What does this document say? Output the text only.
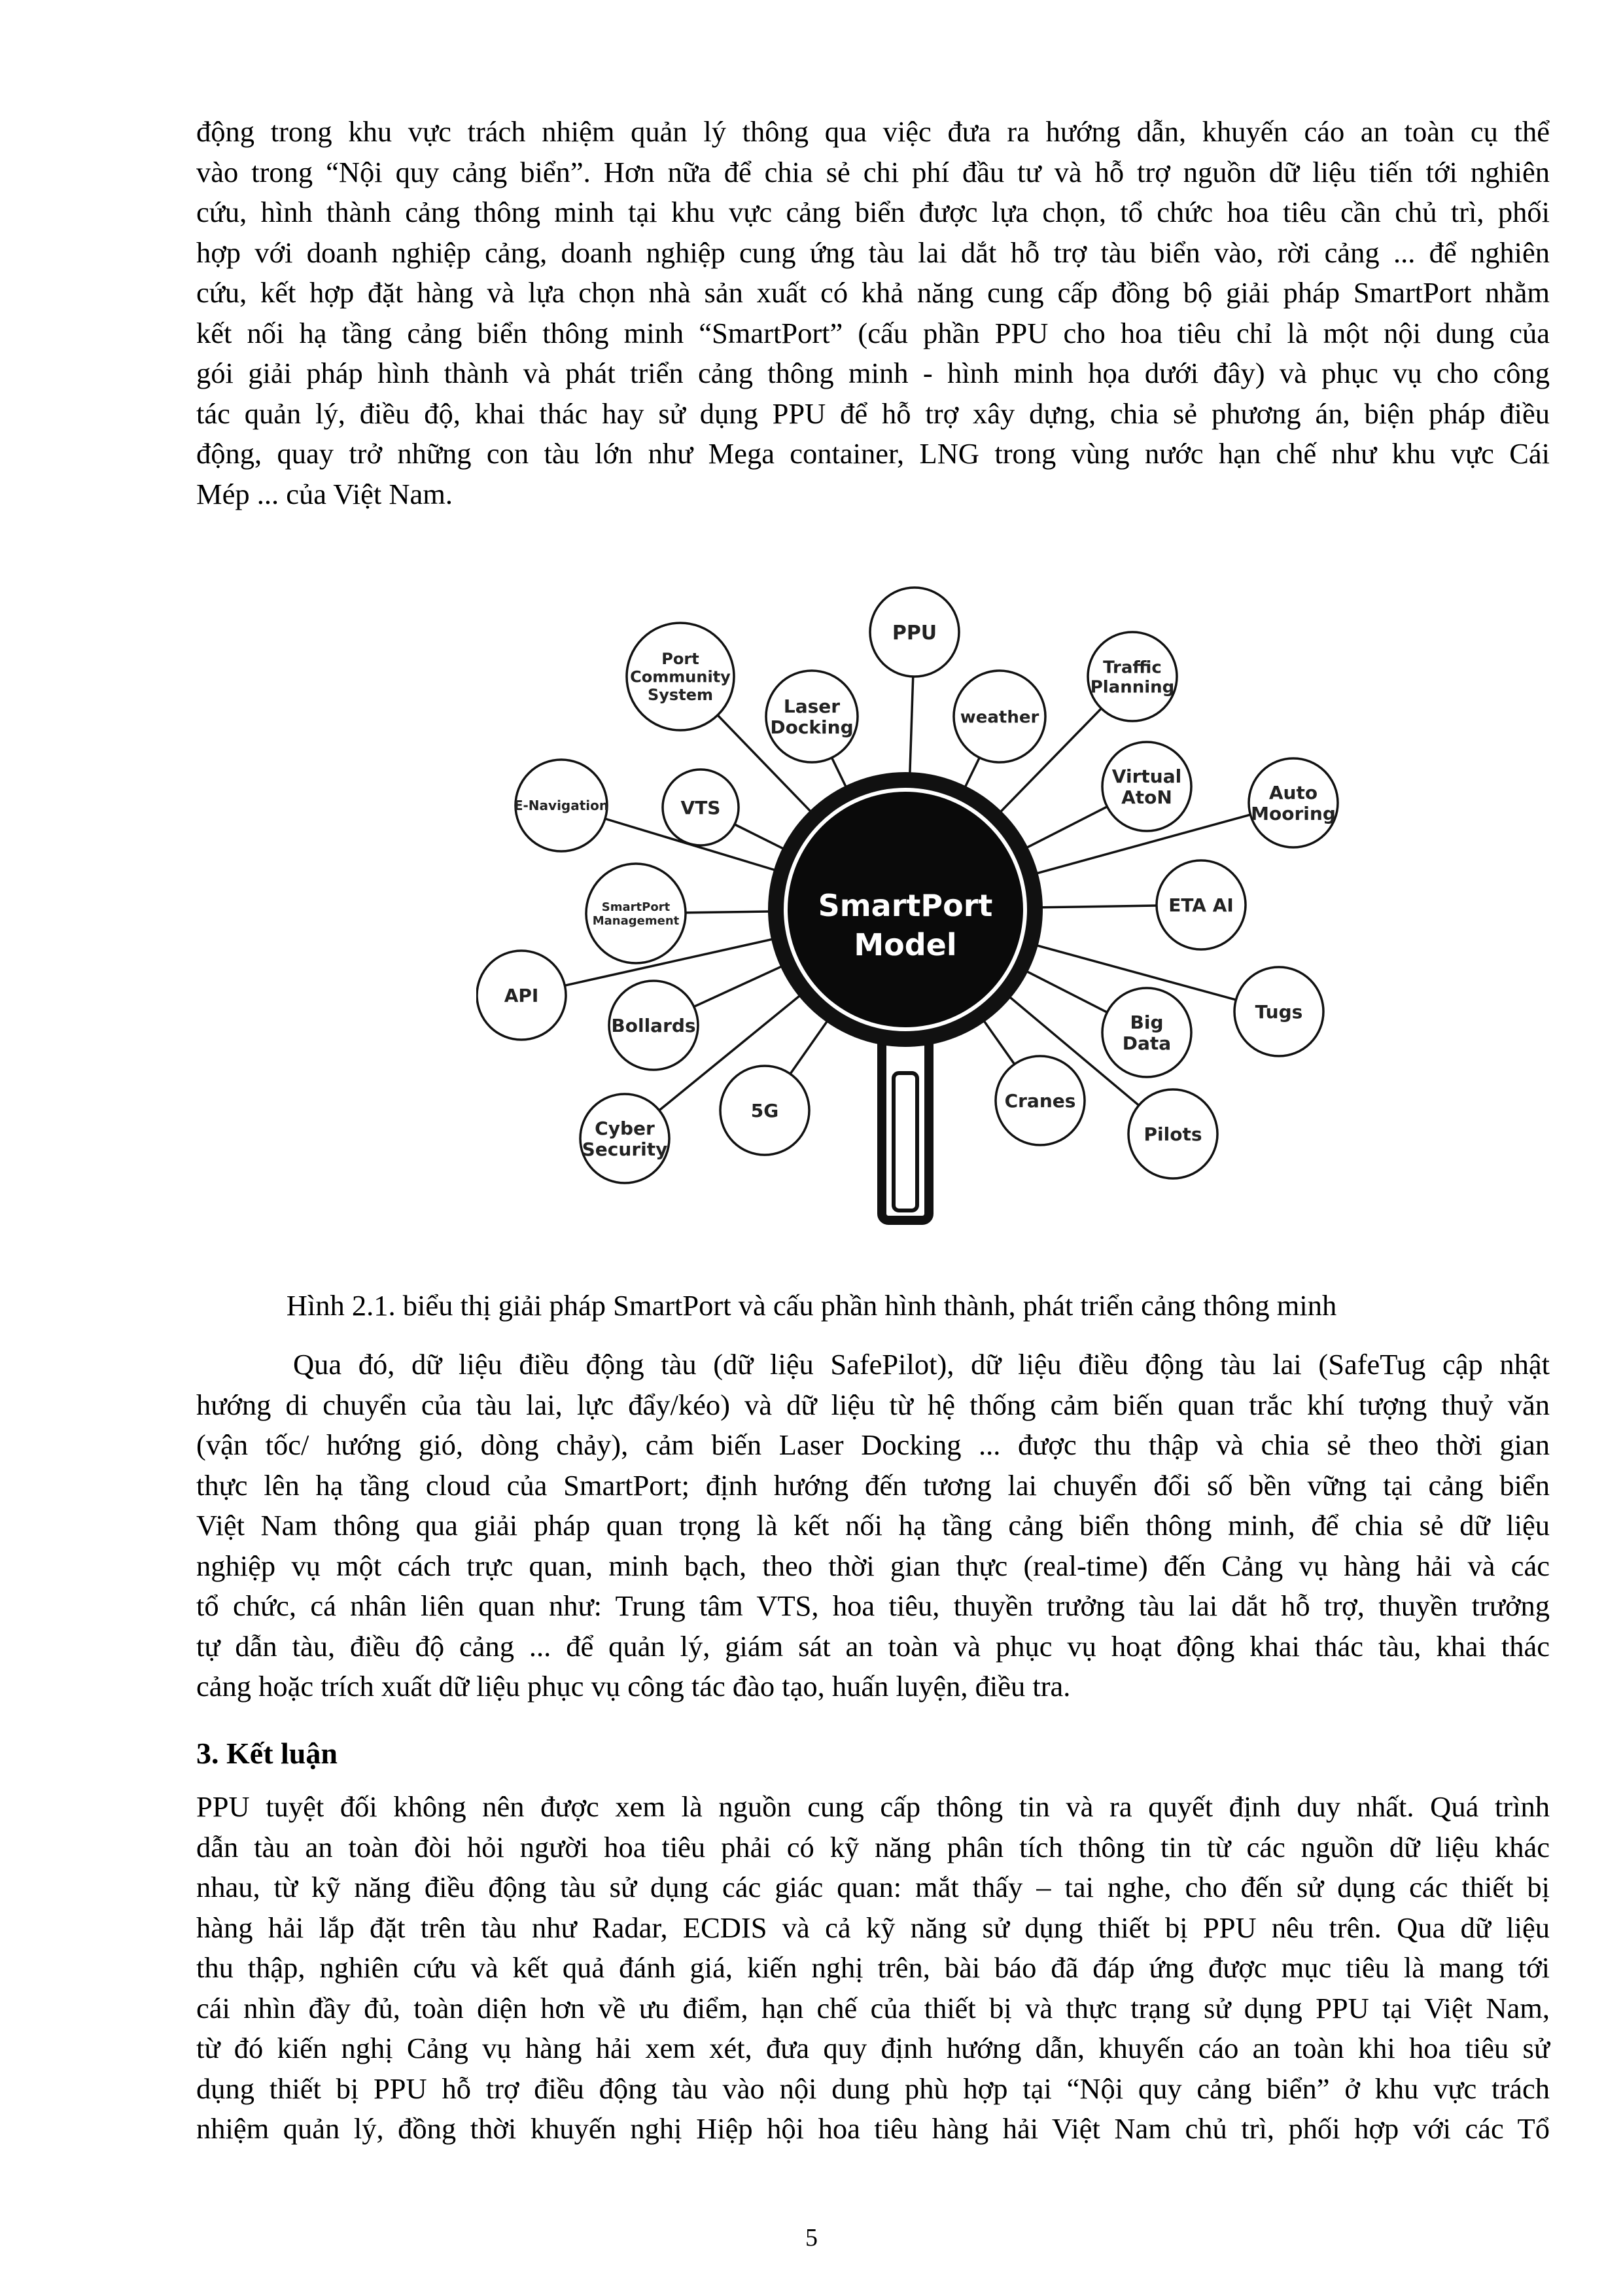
động trong khu vực trách nhiệm quản lý thông qua việc đưa ra hướng dẫn, khuyến cáo an toàn cụ thể
vào trong “Nội quy cảng biển”. Hơn nữa để chia sẻ chi phí đầu tư và hỗ trợ nguồn dữ liệu tiến tới nghiên
cứu, hình thành cảng thông minh tại khu vực cảng biển được lựa chọn, tổ chức hoa tiêu cần chủ trì, phối
hợp với doanh nghiệp cảng, doanh nghiệp cung ứng tàu lai dắt hỗ trợ tàu biển vào, rời cảng ... để nghiên
cứu, kết hợp đặt hàng và lựa chọn nhà sản xuất có khả năng cung cấp đồng bộ giải pháp SmartPort nhằm
kết nối hạ tầng cảng biển thông minh “SmartPort” (cấu phần PPU cho hoa tiêu chỉ là một nội dung của
gói giải pháp hình thành và phát triển cảng thông minh - hình minh họa dưới đây) và phục vụ cho công
tác quản lý, điều độ, khai thác hay sử dụng PPU để hỗ trợ xây dựng, chia sẻ phương án, biện pháp điều
động, quay trở những con tàu lớn như Mega container, LNG trong vùng nước hạn chế như khu vực Cái
Mép ... của Việt Nam.
PPU
Port
Community
System
Laser
Docking	weather
Traffic
Planning
Virtual
AtoN	Auto
Mooring
E-Navigation	VTS
SmartPort
Management
ETA AI
API
Bollards
Tugs
Big
Data
Cyber
Security
5G	Cranes
Pilots
SmartPort
Model
Hình 2.1. biểu thị giải pháp SmartPort và cấu phần hình thành, phát triển cảng thông minh
Qua đó, dữ liệu điều động tàu (dữ liệu SafePilot), dữ liệu điều động tàu lai (SafeTug cập nhật
hướng di chuyển của tàu lai, lực đẩy/kéo) và dữ liệu từ hệ thống cảm biến quan trắc khí tượng thuỷ văn
(vận tốc/ hướng gió, dòng chảy), cảm biến Laser Docking ... được thu thập và chia sẻ theo thời gian
thực lên hạ tầng cloud của SmartPort; định hướng đến tương lai chuyển đổi số bền vững tại cảng biển
Việt Nam thông qua giải pháp quan trọng là kết nối hạ tầng cảng biển thông minh, để chia sẻ dữ liệu
nghiệp vụ một cách trực quan, minh bạch, theo thời gian thực (real-time) đến Cảng vụ hàng hải và các
tổ chức, cá nhân liên quan như: Trung tâm VTS, hoa tiêu, thuyền trưởng tàu lai dắt hỗ trợ, thuyền trưởng
tự dẫn tàu, điều độ cảng ... để quản lý, giám sát an toàn và phục vụ hoạt động khai thác tàu, khai thác
cảng hoặc trích xuất dữ liệu phục vụ công tác đào tạo, huấn luyện, điều tra.
3. Kết luận
PPU tuyệt đối không nên được xem là nguồn cung cấp thông tin và ra quyết định duy nhất. Quá trình
dẫn tàu an toàn đòi hỏi người hoa tiêu phải có kỹ năng phân tích thông tin từ các nguồn dữ liệu khác
nhau, từ kỹ năng điều động tàu sử dụng các giác quan: mắt thấy – tai nghe, cho đến sử dụng các thiết bị
hàng hải lắp đặt trên tàu như Radar, ECDIS và cả kỹ năng sử dụng thiết bị PPU nêu trên. Qua dữ liệu
thu thập, nghiên cứu và kết quả đánh giá, kiến nghị trên, bài báo đã đáp ứng được mục tiêu là mang tới
cái nhìn đầy đủ, toàn diện hơn về ưu điểm, hạn chế của thiết bị và thực trạng sử dụng PPU tại Việt Nam,
từ đó kiến nghị Cảng vụ hàng hải xem xét, đưa quy định hướng dẫn, khuyến cáo an toàn khi hoa tiêu sử
dụng thiết bị PPU hỗ trợ điều động tàu vào nội dung phù hợp tại “Nội quy cảng biển” ở khu vực trách
nhiệm quản lý, đồng thời khuyến nghị Hiệp hội hoa tiêu hàng hải Việt Nam chủ trì, phối hợp với các Tổ
5
